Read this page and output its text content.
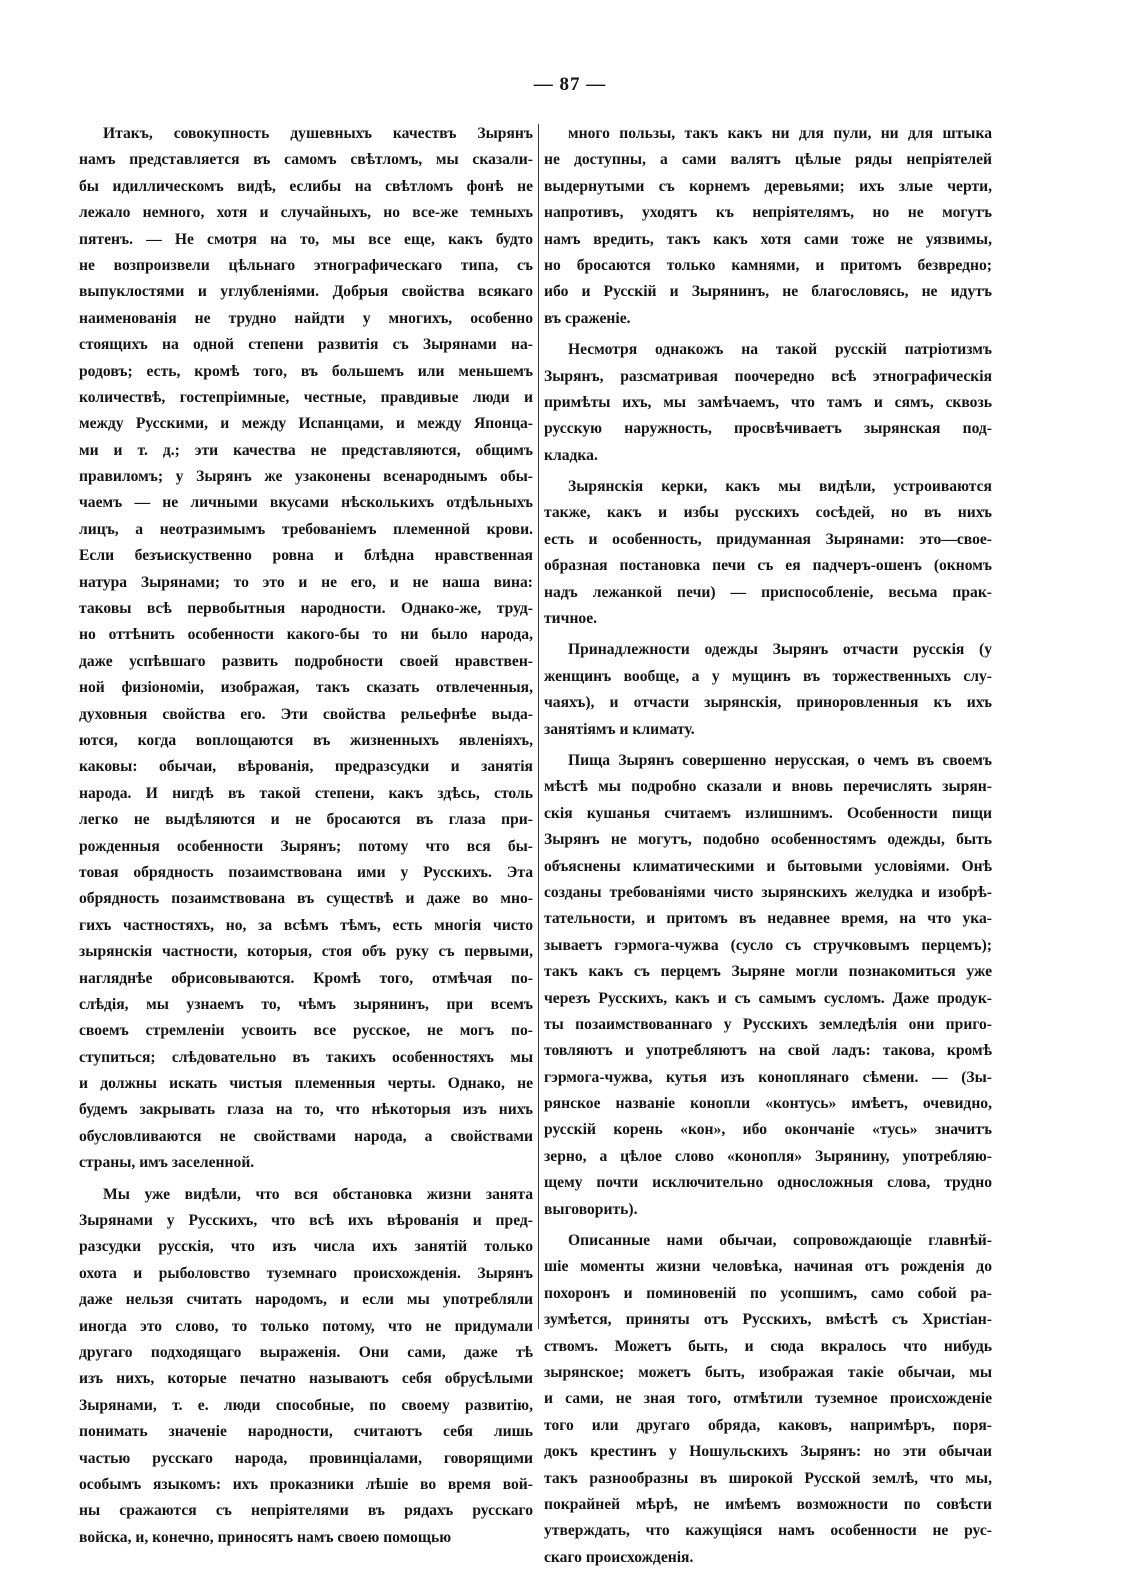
— 87 —
Итакъ, совокупность душевныхъ качествъ Зырянъ
намъ представляется въ самомъ свѣтломъ, мы сказали-
бы идиллическомъ видѣ, еслибы на свѣтломъ фонѣ не
лежало немного, хотя и случайныхъ, но все-же темныхъ
пятенъ. — Не смотря на то, мы все еще, какъ будто
не возпроизвели цѣльнаго этнографическаго типа, съ
выпуклостями и углубленіями. Добрыя свойства всякаго
наименованія не трудно найдти у многихъ, особенно
стоящихъ на одной степени развитія съ Зырянами на-
родовъ; есть, кромѣ того, въ большемъ или меньшемъ
количествѣ, гостепріимные, честные, правдивые люди и
между Русскими, и между Испанцами, и между Японца-
ми и т. д.; эти качества не представляются, общимъ
правиломъ; у Зырянъ же узаконены всенароднымъ обы-
чаемъ — не личными вкусами нѣсколькихъ отдѣльныхъ
лицъ, а неотразимымъ требованіемъ племенной крови.
Если безъискуственно ровна и блѣдна нравственная
натура Зырянами; то это и не его, и не наша вина:
таковы всѣ первобытныя народности. Однако-же, труд-
но оттѣнить особенности какого-бы то ни было народа,
даже успѣвшаго развить подробности своей нравствен-
ной физіономіи, изображая, такъ сказать отвлеченныя,
духовныя свойства его. Эти свойства рельефнѣе выда-
ются, когда воплощаются въ жизненныхъ явленіяхъ,
каковы: обычаи, вѣрованія, предразсудки и занятія
народа. И нигдѣ въ такой степени, какъ здѣсь, столь
легко не выдѣляются и не бросаются въ глаза при-
рожденныя особенности Зырянъ; потому что вся бы-
товая обрядность позаимствована ими у Русскихъ. Эта
обрядность позаимствована въ существѣ и даже во мно-
гихъ частностяхъ, но, за всѣмъ тѣмъ, есть многія чисто
зырянскія частности, которыя, стоя объ руку съ первыми,
нагляднѣе обрисовываются. Кромѣ того, отмѣчая по-
слѣдія, мы узнаемъ то, чѣмъ зырянинъ, при всемъ
своемъ стремленіи усвоить все русское, не могъ по-
ступиться; слѣдовательно въ такихъ особенностяхъ мы
и должны искать чистыя племенныя черты. Однако, не
будемъ закрывать глаза на то, что нѣкоторыя изъ нихъ
обусловливаются не свойствами народа, а свойствами
страны, имъ заселенной.
Мы уже видѣли, что вся обстановка жизни занята
Зырянами у Русскихъ, что всѣ ихъ вѣрованія и пред-
разсудки русскія, что изъ числа ихъ занятій только
охота и рыболовство туземнаго происхожденія. Зырянъ
даже нельзя считать народомъ, и если мы употребляли
иногда это слово, то только потому, что не придумали
другаго подходящаго выраженія. Они сами, даже тѣ
изъ нихъ, которые печатно называютъ себя обрусѣлыми
Зырянами, т. е. люди способные, по своему развитію,
понимать значеніе народности, считаютъ себя лишь
частью русскаго народа, провинціалами, говорящими
особымъ языкомъ: ихъ проказники лѣшіе во время вой-
ны сражаются съ непріятелями въ рядахъ русскаго
войска, и, конечно, приносятъ намъ своею помощью
много пользы, такъ какъ ни для пули, ни для штыка
не доступны, а сами валятъ цѣлые ряды непріятелей
выдернутыми съ корнемъ деревьями; ихъ злые черти,
напротивъ, уходятъ къ непріятелямъ, но не могутъ
намъ вредить, такъ какъ хотя сами тоже не уязвимы,
но бросаются только камнями, и притомъ безвредно;
ибо и Русскій и Зырянинъ, не благословясь, не идутъ
въ сраженіе.
Несмотря однакожъ на такой русскій патріотизмъ
Зырянъ, разсматривая поочередно всѣ этнографическія
примѣты ихъ, мы замѣчаемъ, что тамъ и сямъ, сквозь
русскую наружность, просвѣчиваетъ зырянская под-
кладка.
Зырянскія керки, какъ мы видѣли, устроиваются
также, какъ и избы русскихъ сосѣдей, но въ нихъ
есть и особенность, придуманная Зырянами: это—своe-
образная постановка печи съ ея падчеръ-ошенъ (окномъ
надъ лежанкой печи) — приспособленіе, весьма прак-
тичное.
Принадлежности одежды Зырянъ отчасти русскія (у
женщинъ вообще, а у мущинъ въ торжественныхъ слу-
чаяхъ), и отчасти зырянскія, приноровленныя къ ихъ
занятіямъ и климату.
Пища Зырянъ совершенно нерусская, о чемъ въ своемъ
мѣстѣ мы подробно сказали и вновь перечислять зырян-
скія кушанья считаемъ излишнимъ. Особенности пищи
Зырянъ не могутъ, подобно особенностямъ одежды, быть
объяснены климатическими и бытовыми условіями. Онѣ
созданы требованіями чисто зырянскихъ желудка и изобрѣ-
тательности, и притомъ въ недавнее время, на что ука-
зываетъ гэрмога-чужва (сусло съ стручковымъ перцемъ);
такъ какъ съ перцемъ Зыряне могли познакомиться уже
черезъ Русскихъ, какъ и съ самымъ сусломъ. Даже продук-
ты позаимствованнаго у Русскихъ земледѣлія они приго-
товляютъ и употребляютъ на свой ладъ: такова, кромѣ
гэрмога-чужва, кутья изъ коноплянаго сѣмени. — (Зы-
рянское названіе конопли «контусь» имѣетъ, очевидно,
русскій корень «кон», ибо окончаніе «тусь» значитъ
зерно, а цѣлое слово «конопля» Зырянину, употребляю-
щему почти исключительно односложныя слова, трудно
выговорить).
Описанные нами обычаи, сопровождающіе главнѣй-
шіе моменты жизни человѣка, начиная отъ рожденія до
похоронъ и поминовеній по усопшимъ, само собой ра-
зумѣется, приняты отъ Русскихъ, вмѣстѣ съ Христіан-
ствомъ. Можетъ быть, и сюда вкралось что нибудь
зырянское; можетъ быть, изображая такіе обычаи, мы
и сами, не зная того, отмѣтили туземное происхожденіе
того или другаго обряда, каковъ, напримѣръ, поря-
докъ крестинъ у Ношульскихъ Зырянъ: но эти обычаи
такъ разнообразны въ широкой Русской землѣ, что мы,
покрайней мѣрѣ, не имѣемъ возможности по совѣсти
утверждать, что кажущіяся намъ особенности не рус-
скаго происхожденія.
